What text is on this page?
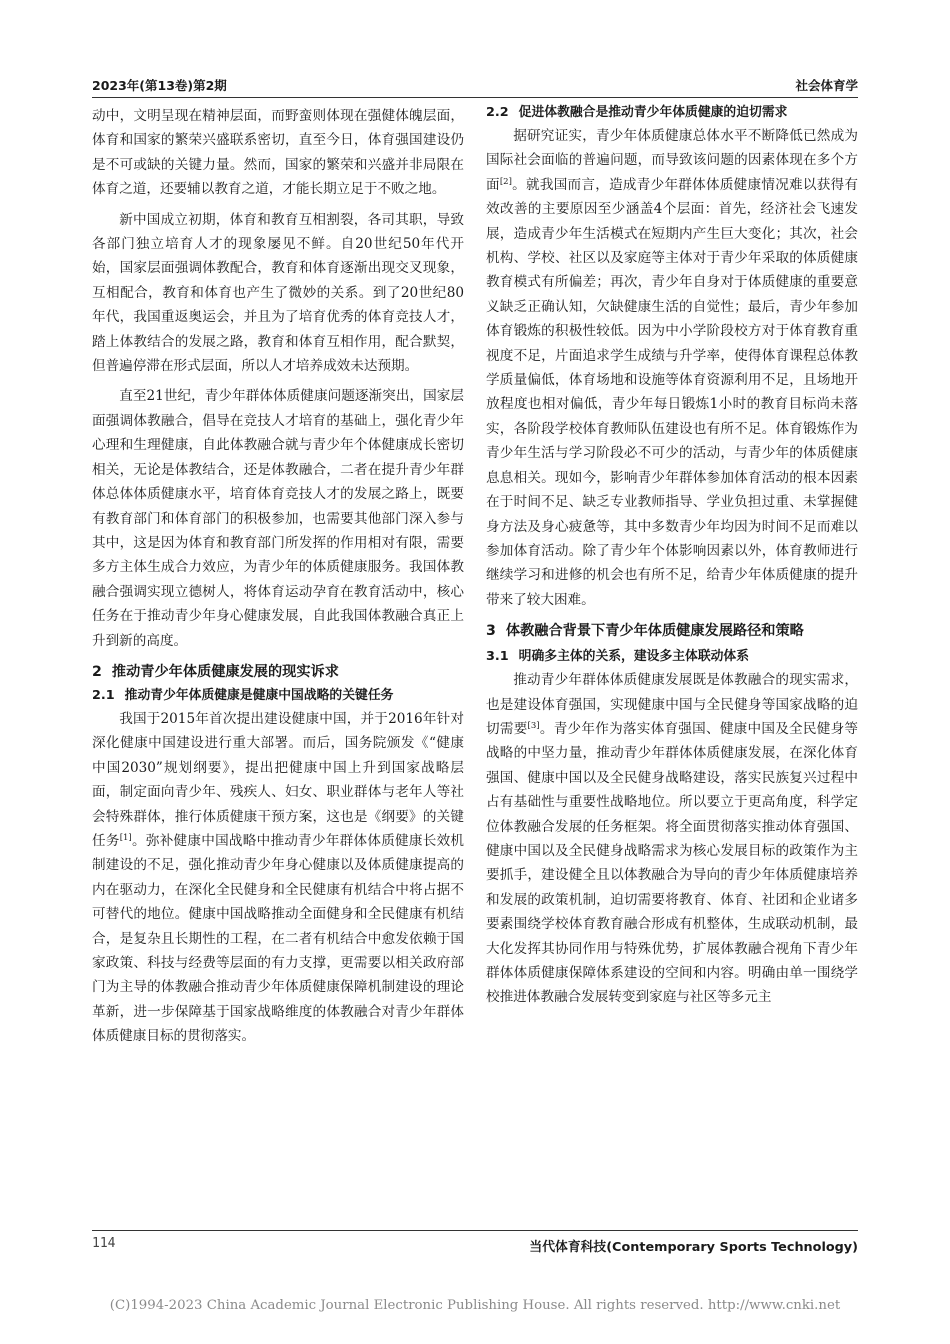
2023年(第13卷)第2期	社会体育学

动中，文明呈现在精神层面，而野蛮则体现在强健体魄层面，体育和国家的繁荣兴盛联系密切，直至今日，体育强国建设仍是不可或缺的关键力量。然而，国家的繁荣和兴盛并非局限在体育之道，还要辅以教育之道，才能长期立足于不败之地。

新中国成立初期，体育和教育互相割裂，各司其职，导致各部门独立培育人才的现象屡见不鲜。自20世纪50年代开始，国家层面强调体教配合，教育和体育逐渐出现交叉现象，互相配合，教育和体育也产生了微妙的关系。到了20世纪80年代，我国重返奥运会，并且为了培育优秀的体育竞技人才，踏上体教结合的发展之路，教育和体育互相作用，配合默契，但普遍停滞在形式层面，所以人才培养成效未达预期。

直至21世纪，青少年群体体质健康问题逐渐突出，国家层面强调体教融合，倡导在竞技人才培育的基础上，强化青少年心理和生理健康，自此体教融合就与青少年个体健康成长密切相关，无论是体教结合，还是体教融合，二者在提升青少年群体总体体质健康水平，培育体育竞技人才的发展之路上，既要有教育部门和体育部门的积极参加，也需要其他部门深入参与其中，这是因为体育和教育部门所发挥的作用相对有限，需要多方主体生成合力效应，为青少年的体质健康服务。我国体教融合强调实现立德树人，将体育运动孕育在教育活动中，核心任务在于推动青少年身心健康发展，自此我国体教融合真正上升到新的高度。

2 推动青少年体质健康发展的现实诉求
2.1 推动青少年体质健康是健康中国战略的关键任务

我国于2015年首次提出建设健康中国，并于2016年针对深化健康中国建设进行重大部署。而后，国务院颁发《“健康中国2030”规划纲要》，提出把健康中国上升到国家战略层面，制定面向青少年、残疾人、妇女、职业群体与老年人等社会特殊群体，推行体质健康干预方案，这也是《纲要》的关键任务[1]。弥补健康中国战略中推动青少年群体体质健康长效机制建设的不足，强化推动青少年身心健康以及体质健康提高的内在驱动力，在深化全民健身和全民健康有机结合中将占据不可替代的地位。健康中国战略推动全面健身和全民健康有机结合，是复杂且长期性的工程，在二者有机结合中愈发依赖于国家政策、科技与经费等层面的有力支撑，更需要以相关政府部门为主导的体教融合推动青少年体质健康保障机制建设的理论革新，进一步保障基于国家战略维度的体教融合对青少年群体体质健康目标的贯彻落实。

2.2 促进体教融合是推动青少年体质健康的迫切需求

据研究证实，青少年体质健康总体水平不断降低已然成为国际社会面临的普遍问题，而导致该问题的因素体现在多个方面[2]。就我国而言，造成青少年群体体质健康情况难以获得有效改善的主要原因至少涵盖4个层面：首先，经济社会飞速发展，造成青少年生活模式在短期内产生巨大变化；其次，社会机构、学校、社区以及家庭等主体对于青少年采取的体质健康教育模式有所偏差；再次，青少年自身对于体质健康的重要意义缺乏正确认知，欠缺健康生活的自觉性；最后，青少年参加体育锻炼的积极性较低。因为中小学阶段校方对于体育教育重视度不足，片面追求学生成绩与升学率，使得体育课程总体教学质量偏低，体育场地和设施等体育资源利用不足，且场地开放程度也相对偏低，青少年每日锻炼1小时的教育目标尚未落实，各阶段学校体育教师队伍建设也有所不足。体育锻炼作为青少年生活与学习阶段必不可少的活动，与青少年的体质健康息息相关。现如今，影响青少年群体参加体育活动的根本因素在于时间不足、缺乏专业教师指导、学业负担过重、未掌握健身方法及身心疲惫等，其中多数青少年均因为时间不足而难以参加体育活动。除了青少年个体影响因素以外，体育教师进行继续学习和进修的机会也有所不足，给青少年体质健康的提升带来了较大困难。

3 体教融合背景下青少年体质健康发展路径和策略
3.1 明确多主体的关系，建设多主体联动体系

推动青少年群体体质健康发展既是体教融合的现实需求，也是建设体育强国，实现健康中国与全民健身等国家战略的迫切需要[3]。青少年作为落实体育强国、健康中国及全民健身等战略的中坚力量，推动青少年群体体质健康发展，在深化体育强国、健康中国以及全民健身战略建设，落实民族复兴过程中占有基础性与重要性战略地位。所以要立于更高角度，科学定位体教融合发展的任务框架。将全面贯彻落实推动体育强国、健康中国以及全民健身战略需求为核心发展目标的政策作为主要抓手，建设健全且以体教融合为导向的青少年体质健康培养和发展的政策机制，迫切需要将教育、体育、社团和企业诸多要素围绕学校体育教育融合形成有机整体，生成联动机制，最大化发挥其协同作用与特殊优势，扩展体教融合视角下青少年群体体质健康保障体系建设的空间和内容。明确由单一围绕学校推进体教融合发展转变到家庭与社区等多元主

114	当代体育科技(Contemporary Sports Technology)
(C)1994-2023 China Academic Journal Electronic Publishing House. All rights reserved. http://www.cnki.net
